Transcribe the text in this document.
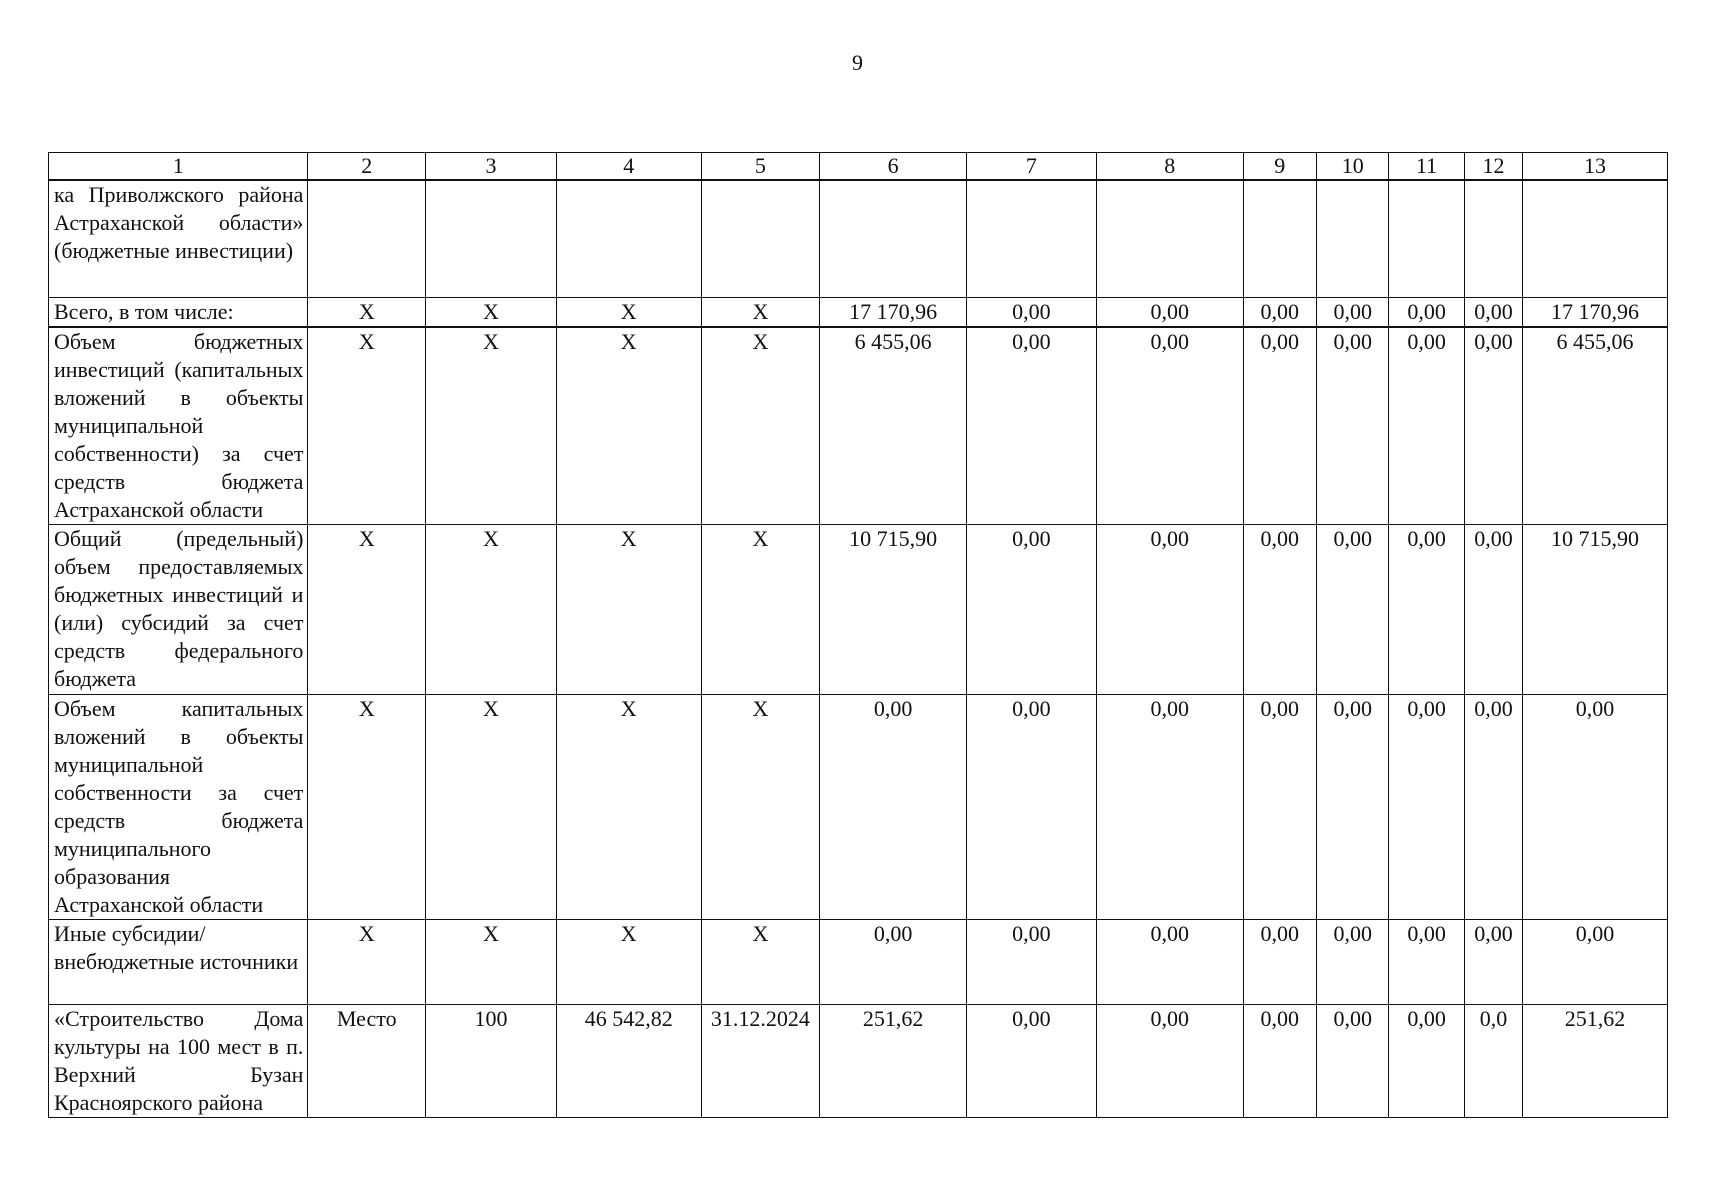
9
1	2	3	4	5	6	7	8	9	10	11	12	13
ка Приволжского района Астраханской области» (бюджетные инвестиции)												
Всего, в том числе:	X	X	X	X	17 170,96	0,00	0,00	0,00	0,00	0,00	0,00	17 170,96
Объем бюджетных инвестиций (капитальных вложений в объекты муниципальной собственности) за счет средств бюджета Астраханской области	X	X	X	X	6 455,06	0,00	0,00	0,00	0,00	0,00	0,00	6 455,06
Общий (предельный) объем предоставляемых бюджетных инвестиций и (или) субсидий за счет средств федерального бюджета	X	X	X	X	10 715,90	0,00	0,00	0,00	0,00	0,00	0,00	10 715,90
Объем капитальных вложений в объекты муниципальной собственности за счет средств бюджета муниципального образования Астраханской области	X	X	X	X	0,00	0,00	0,00	0,00	0,00	0,00	0,00	0,00
Иные субсидии/внебюджетные источники	X	X	X	X	0,00	0,00	0,00	0,00	0,00	0,00	0,00	0,00
«Строительство Дома культуры на 100 мест в п. Верхний Бузан Красноярского района	Место	100	46 542,82	31.12.2024	251,62	0,00	0,00	0,00	0,00	0,00	0,0	251,62
